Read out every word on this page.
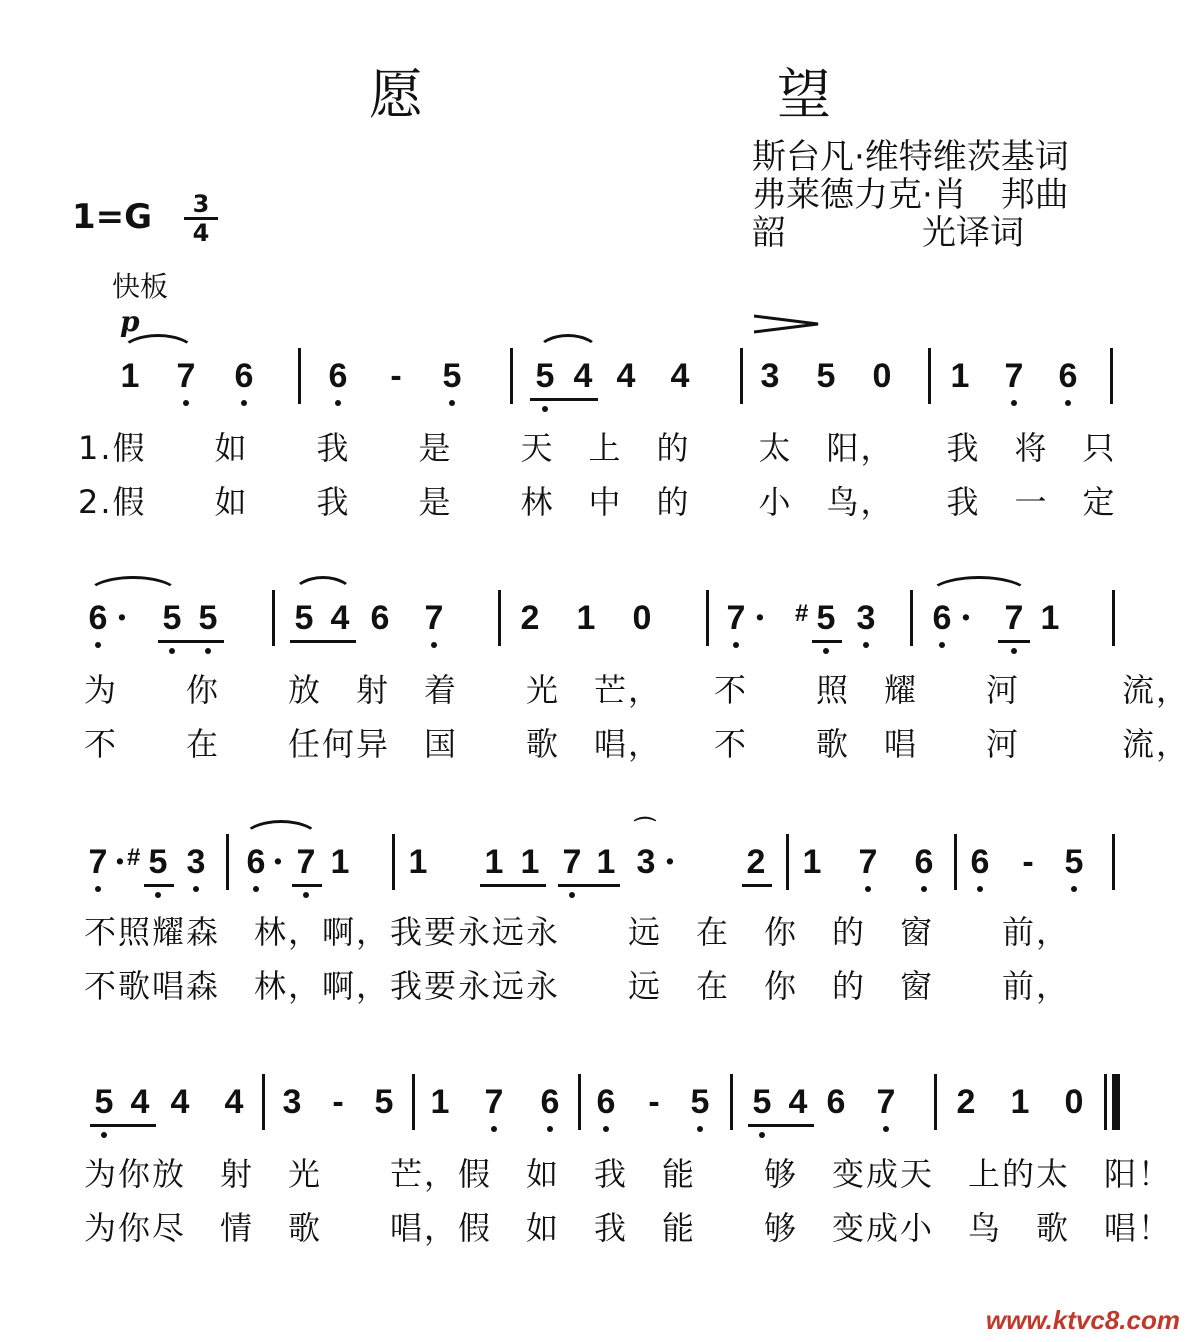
愿　望
斯台凡·维特维茨基词
弗莱德力克·肖　邦曲
韶　　　　光译词
1=G	3
4
快板
p
1 7 6 6	-	5 5 4 4 4 3 5 0 1 7 6
1.假　　如　　我　　是　　天　上　的　　太　阳，　　我　将　只
2.假　　如　　我　　是　　林　中　的　　小　鸟，　　我　一　定
6 · 5 5 5 4 6 7 2 1 0 7 · # 5 3 6 · 7 1
为　　你　　放　射　着　　光　芒，　　不　　照　耀　　河　　　流，
不　　在　　任何异　国　　歌　唱，　　不　　歌　唱　　河　　　流，
7 · # 5 3 6 · 7 1 1 1 1 7 1
⌒
3 · 2 1 7 6 6 - 5
不照耀森　林，啊，我要永远永　　远　在　你　的　窗　　前，
不歌唱森　林，啊，我要永远永　　远　在　你　的　窗　　前，
5 4 4 4 3 - 5 1 7 6 6 - 5 5 4 6 7 2 1 0
为你放　射　光　　芒，假　如　我　能　　够　变成天　上的太　阳！
为你尽　情　歌　　唱，假　如　我　能　　够　变成小　鸟　歌　唱！
www.ktvc8.com
